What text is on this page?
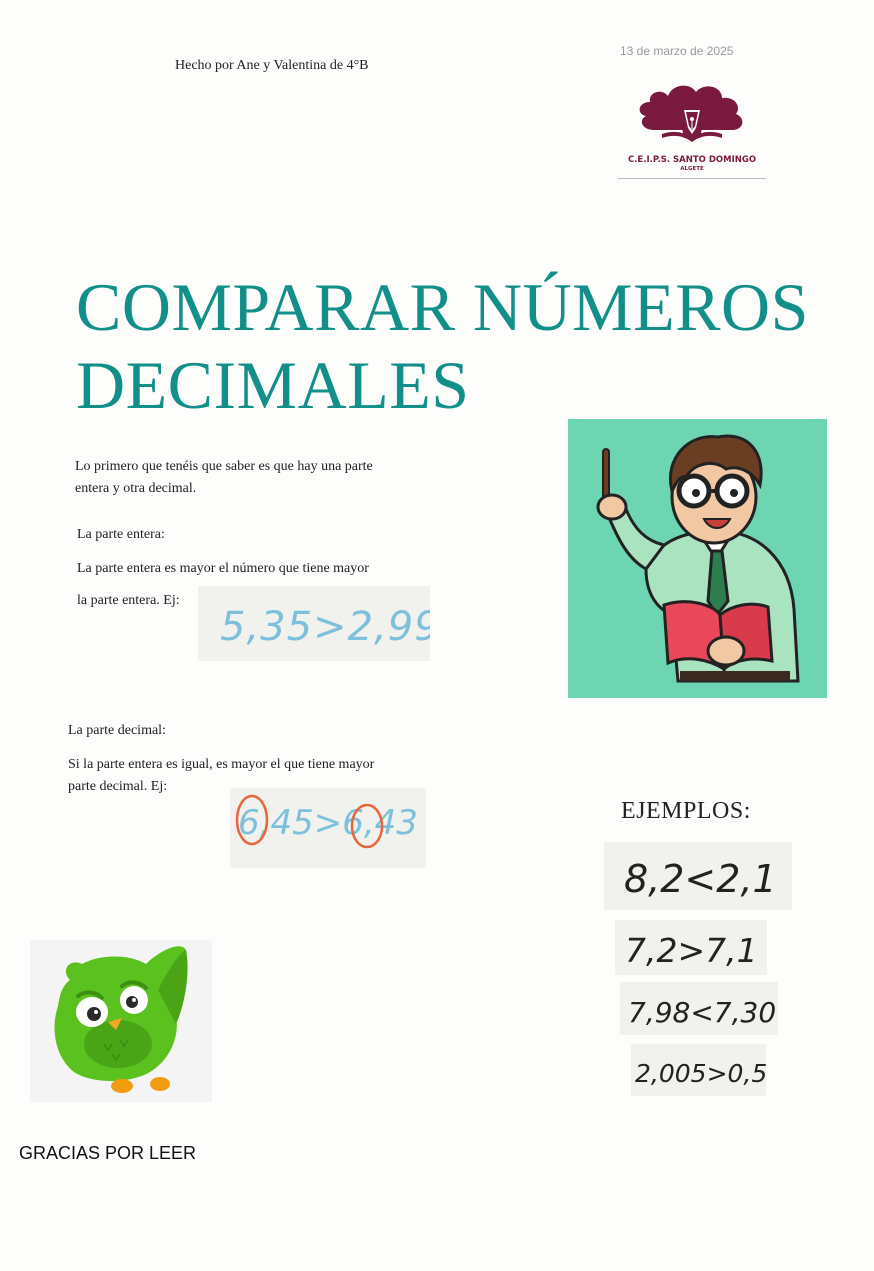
Hecho por Ane y Valentina de 4°B
13 de marzo de 2025
C.E.I.P.S. SANTO DOMINGO
ALGETE
COMPARAR NÚMEROS DECIMALES
Lo primero que tenéis que saber es que hay una parte entera y otra decimal.
La parte entera:
La parte entera es mayor el número que tiene mayor
la parte entera. Ej:
5,35>2,99
La parte decimal:
Si la parte entera es igual, es mayor el que tiene mayor parte decimal. Ej:
6,45>6,43	EJEMPLOS:
8,2<2,1
7,2>7,1
7,98<7,30
2,005>0,5
GRACIAS POR LEER
